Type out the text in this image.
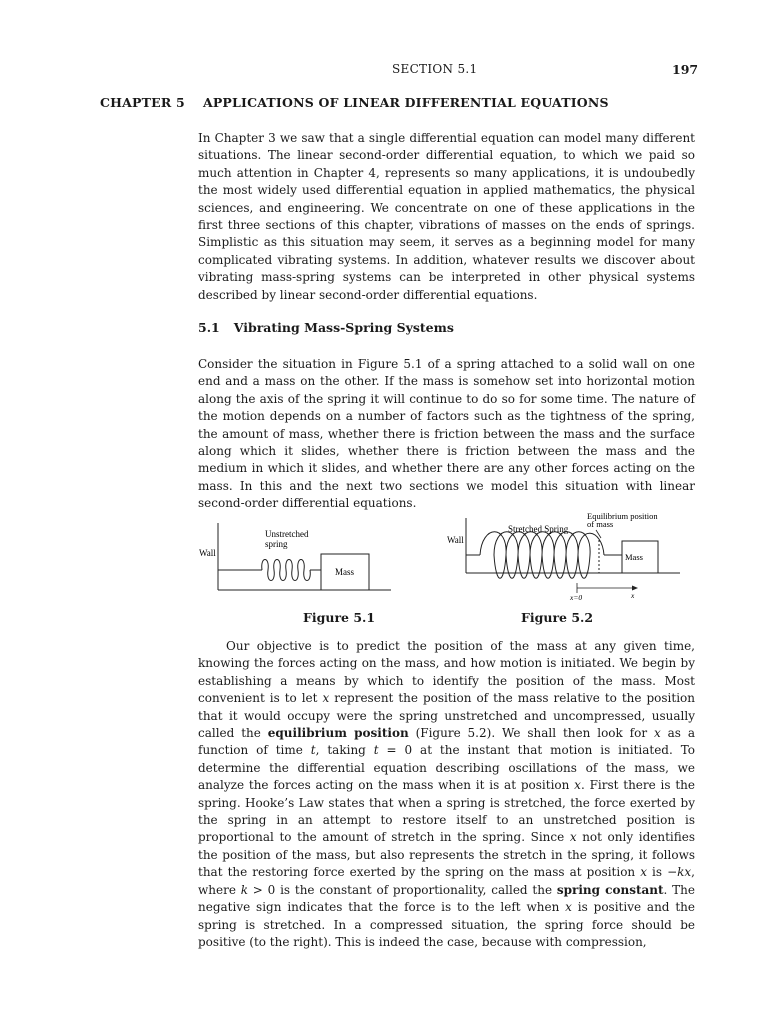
SECTION 5.1	197
CHAPTER 5 APPLICATIONS OF LINEAR DIFFERENTIAL EQUATIONS

In Chapter 3 we saw that a single differential equation can model many different situations. The linear second-order differential equation, to which we paid so much attention in Chapter 4, represents so many applications, it is undoubedly the most widely used differential equation in applied mathematics, the physical sciences, and engineering. We concentrate on one of these applications in the first three sections of this chapter, vibrations of masses on the ends of springs. Simplistic as this situation may seem, it serves as a beginning model for many complicated vibrating systems. In addition, whatever results we discover about vibrating mass-spring systems can be interpreted in other physical systems described by linear second-order differential equations.

5.1 Vibrating Mass-Spring Systems

Consider the situation in Figure 5.1 of a spring attached to a solid wall on one end and a mass on the other. If the mass is somehow set into horizontal motion along the axis of the spring it will continue to do so for some time. The nature of the motion depends on a number of factors such as the tightness of the spring, the amount of mass, whether there is friction between the mass and the surface along which it slides, whether there is friction between the mass and the medium in which it slides, and whether there are any other forces acting on the mass. In this and the next two sections we model this situation with linear second-order differential equations.

Wall
Unstretched
spring
Mass
Figure 5.1
Wall
Stretched Spring
Equilibrium position
of mass
Mass
x=0	x
Figure 5.2

Our objective is to predict the position of the mass at any given time, knowing the forces acting on the mass, and how motion is initiated. We begin by establishing a means by which to identify the position of the mass. Most convenient is to let x represent the position of the mass relative to the position that it would occupy were the spring unstretched and uncompressed, usually called the equilibrium position (Figure 5.2). We shall then look for x as a function of time t, taking t = 0 at the instant that motion is initiated. To determine the differential equation describing oscillations of the mass, we analyze the forces acting on the mass when it is at position x. First there is the spring. Hooke’s Law states that when a spring is stretched, the force exerted by the spring in an attempt to restore itself to an unstretched position is proportional to the amount of stretch in the spring. Since x not only identifies the position of the mass, but also represents the stretch in the spring, it follows that the restoring force exerted by the spring on the mass at position x is −kx, where k > 0 is the constant of proportionality, called the spring constant. The negative sign indicates that the force is to the left when x is positive and the spring is stretched. In a compressed situation, the spring force should be positive (to the right). This is indeed the case, because with compression,
